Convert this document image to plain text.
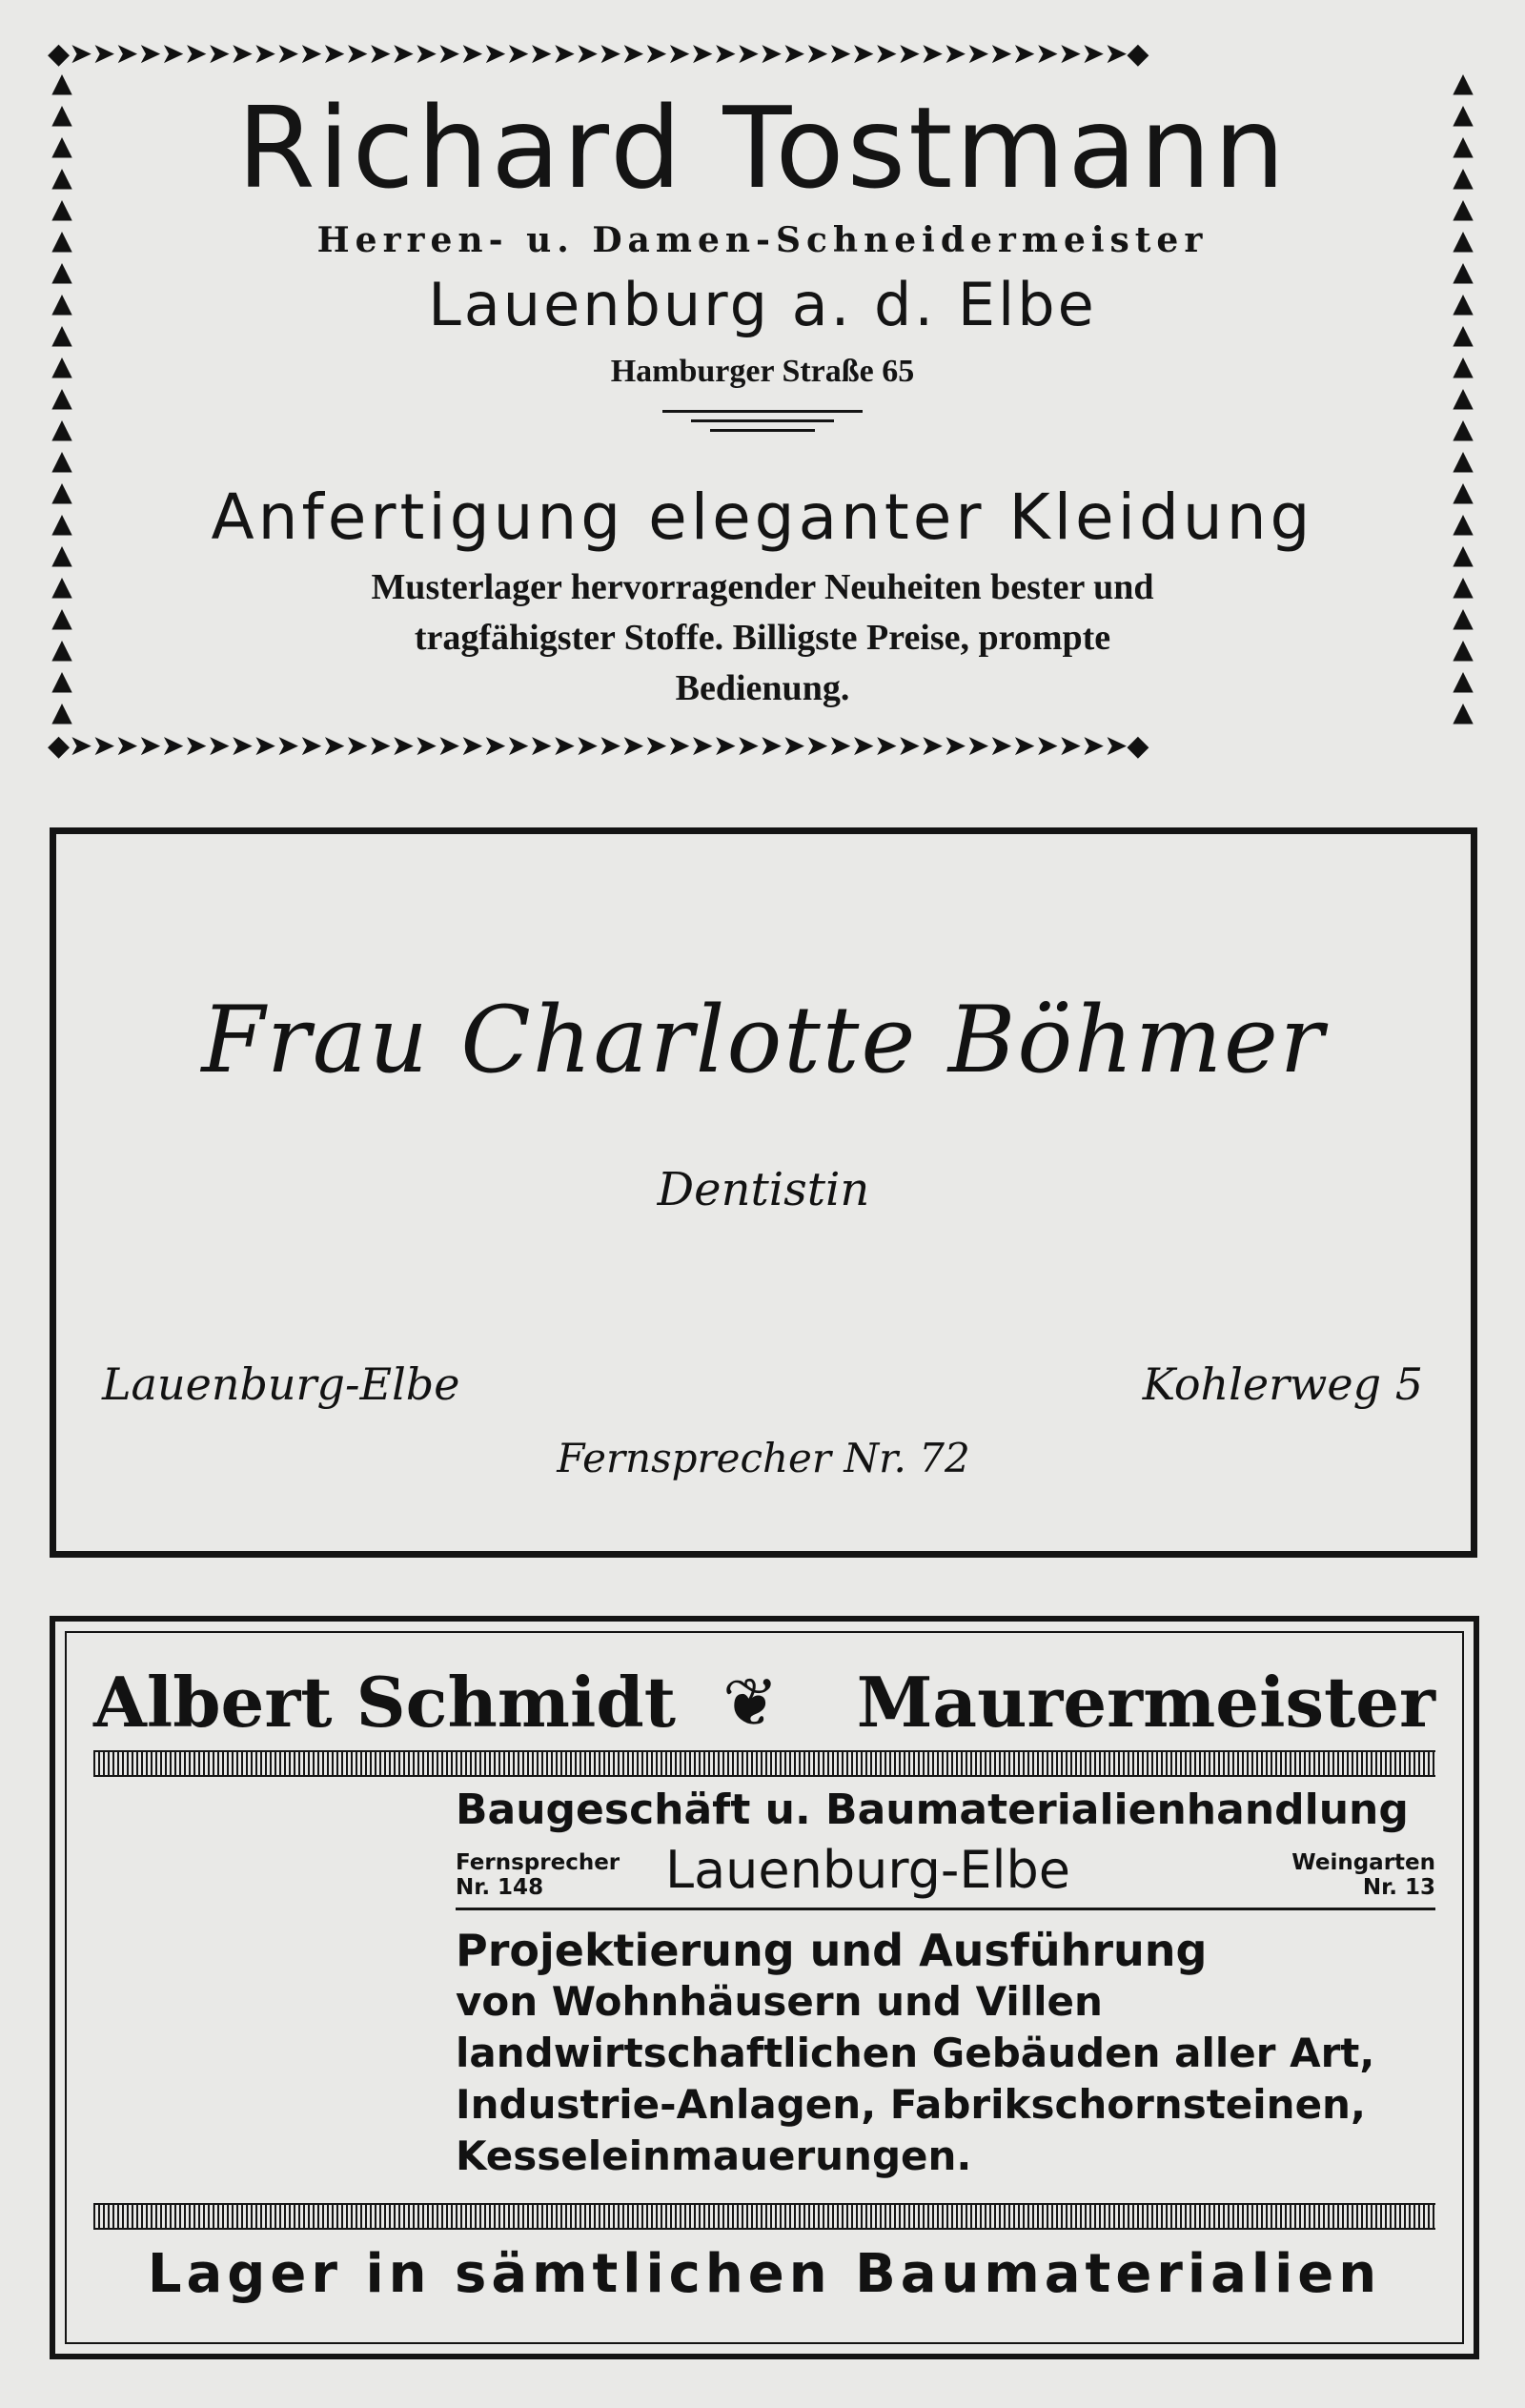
◆➤➤➤➤➤➤➤➤➤➤➤➤➤➤➤➤➤➤➤➤➤➤➤➤➤➤➤➤➤➤➤➤➤➤➤➤➤➤➤➤➤➤➤➤➤➤◆
▲
▲
▲
▲
▲
▲
▲
▲
▲
▲
▲
▲
▲
▲
▲
▲
▲
▲
▲
▲
▲
▲
▲
▲
▲
▲
▲
▲
▲
▲
▲
▲
▲
▲
▲
▲
▲
▲
▲
▲
▲
▲
◆➤➤➤➤➤➤➤➤➤➤➤➤➤➤➤➤➤➤➤➤➤➤➤➤➤➤➤➤➤➤➤➤➤➤➤➤➤➤➤➤➤➤➤➤➤➤◆
Richard Tostmann
Herren- u. Damen-Schneidermeister
Lauenburg a. d. Elbe
Hamburger Straße 65
Anfertigung eleganter Kleidung
Musterlager hervorragender Neuheiten bester und tragfähigster Stoffe. Billigste Preise, prompte Bedienung.
Frau Charlotte Böhmer
Dentistin
Lauenburg-Elbe	Kohlerweg 5
Fernsprecher Nr. 72
Albert Schmidt ❦ Maurermeister
Baugeschäft u. Baumaterialienhandlung
Fernsprecher
Nr. 148	Lauenburg-Elbe	Weingarten
Nr. 13
Projektierung und Ausführung
von Wohnhäusern und Villen
landwirtschaftlichen Gebäuden aller Art,
Industrie-Anlagen, Fabrikschornsteinen,
Kesseleinmauerungen.
Lager in sämtlichen Baumaterialien
